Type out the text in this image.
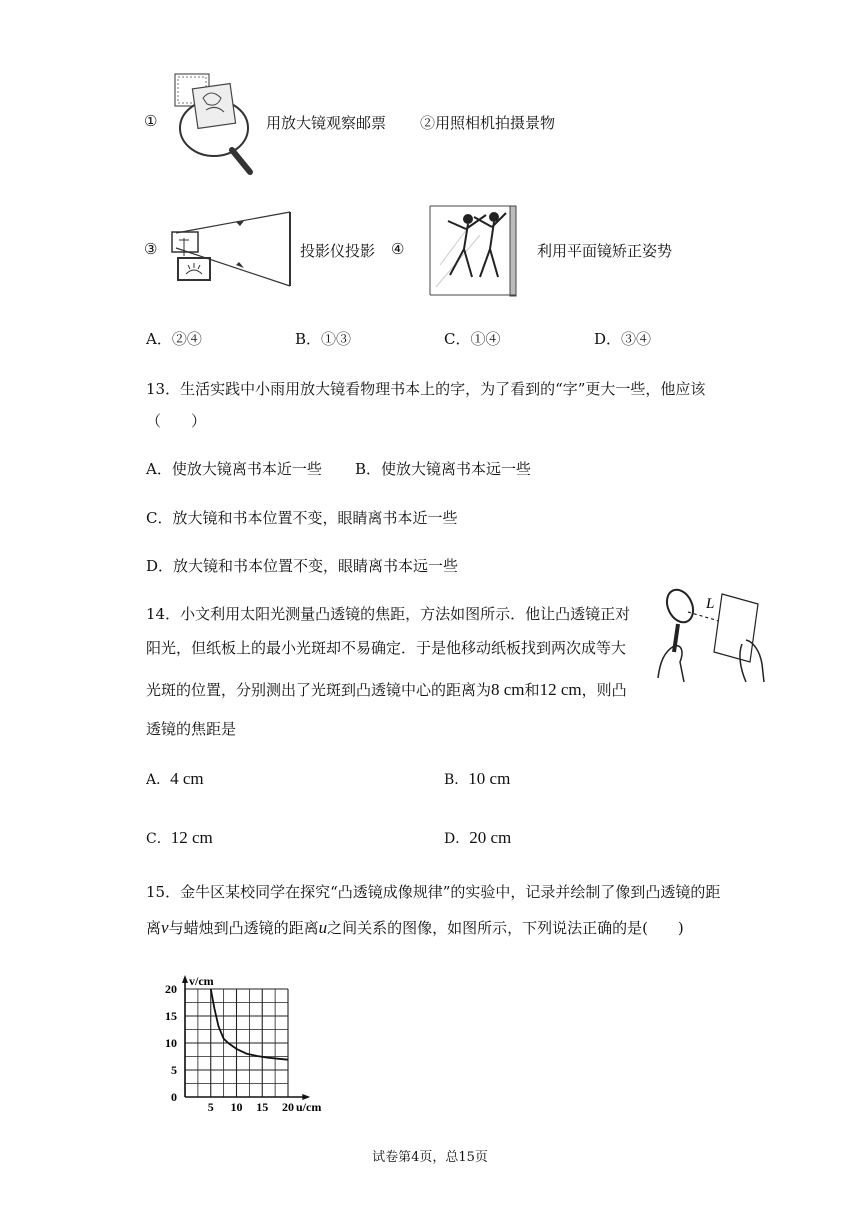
①	用放大镜观察邮票 ②用照相机拍摄景物
③	投影仪投影 ④	利用平面镜矫正姿势
A．②④	B．①③	C．①④	D．③④
13．生活实践中小雨用放大镜看物理书本上的字，为了看到的“字”更大一些，他应该
（　　）
A．使放大镜离书本近一些 B．使放大镜离书本远一些
C．放大镜和书本位置不变，眼睛离书本近一些
D．放大镜和书本位置不变，眼睛离书本远一些
14．小文利用太阳光测量凸透镜的焦距，方法如图所示．他让凸透镜正对
阳光，但纸板上的最小光斑却不易确定．于是他移动纸板找到两次成等大
光斑的位置，分别测出了光斑到凸透镜中心的距离为8 cm和12 cm，则凸
透镜的焦距是
L
A．4 cm	B．10 cm
C．12 cm	D．20 cm
15．金牛区某校同学在探究“凸透镜成像规律”的实验中，记录并绘制了像到凸透镜的距
离v与蜡烛到凸透镜的距离u之间关系的图像，如图所示，下列说法正确的是(　　)
u/cm
v/cm
5 10 15 20
0
5
10
15
20
试卷第4页，总15页
